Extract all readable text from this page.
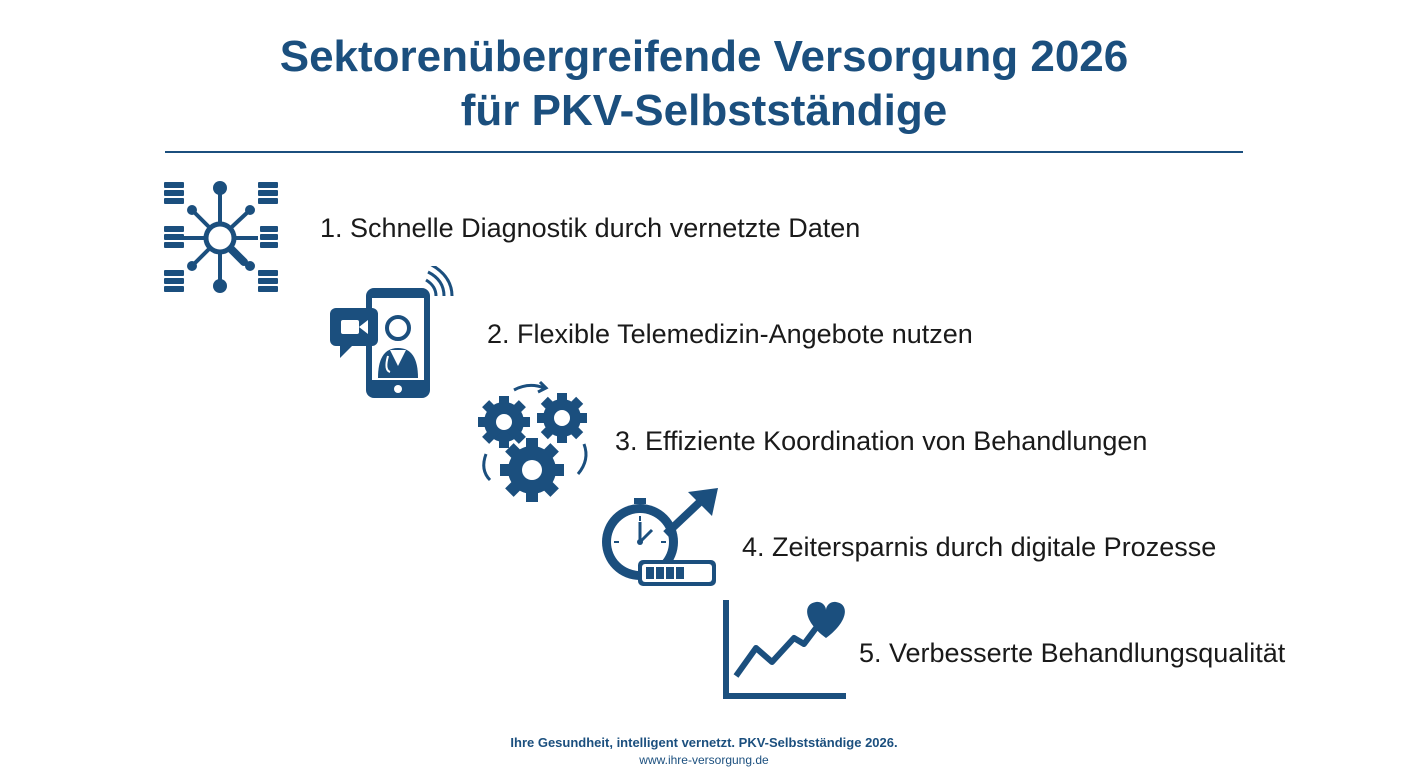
Sektorenübergreifende Versorgung 2026
für PKV-Selbstständige
1. Schnelle Diagnostik durch vernetzte Daten
2. Flexible Telemedizin-Angebote nutzen
3. Effiziente Koordination von Behandlungen
4. Zeitersparnis durch digitale Prozesse
5. Verbesserte Behandlungsqualität
Ihre Gesundheit, intelligent vernetzt. PKV-Selbstständige 2026.
www.ihre-versorgung.de
